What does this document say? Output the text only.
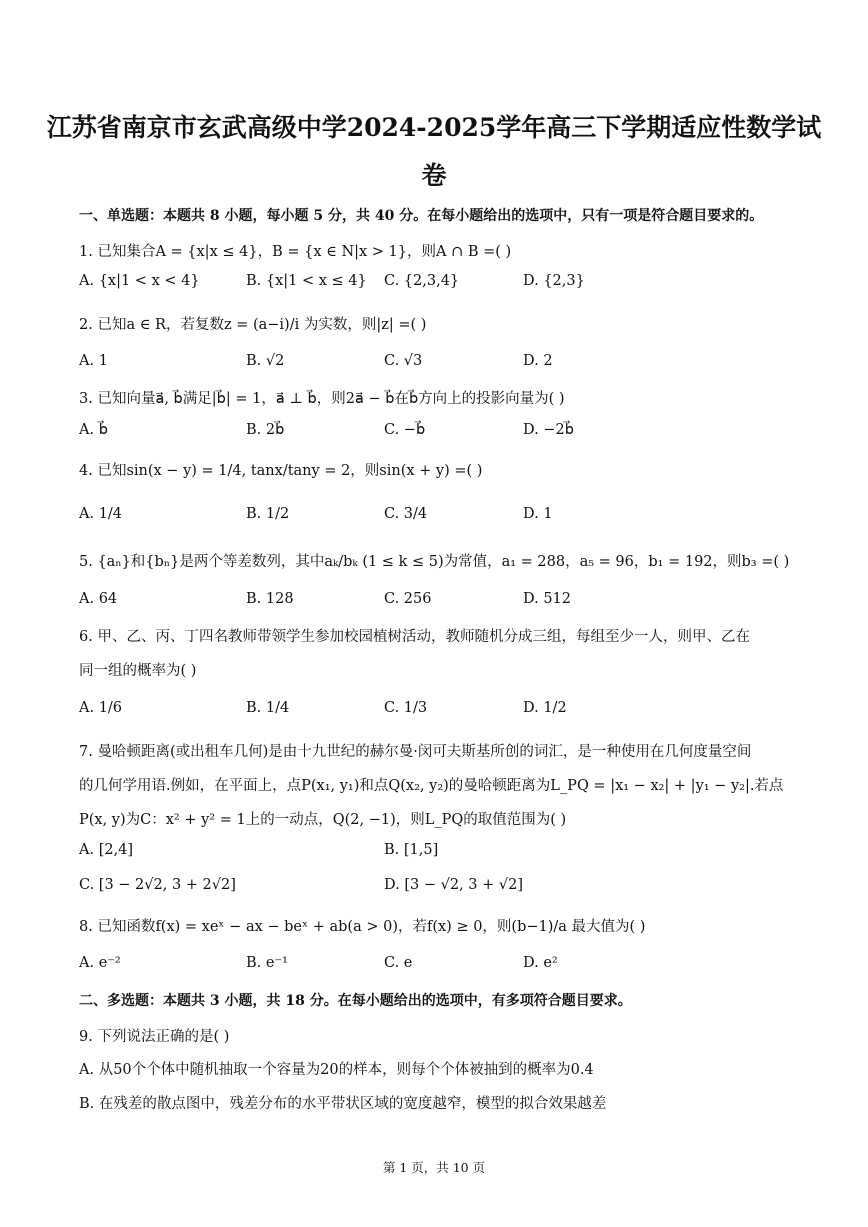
江苏省南京市玄武高级中学2024-2025学年高三下学期适应性数学试
卷
一、单选题：本题共 8 小题，每小题 5 分，共 40 分。在每小题给出的选项中，只有一项是符合题目要求的。
1. 已知集合A = {x|x ≤ 4}，B = {x ∈ N|x > 1}，则A ∩ B =( )
A. {x|1 < x < 4}	B. {x|1 < x ≤ 4} C. {2,3,4}	D. {2,3}
2. 已知a ∈ R，若复数z = (a−i)/i 为实数，则|z| =( )
A. 1	B. √2	C. √3	D. 2
3. 已知向量a⃗, b⃗满足|b⃗| = 1，a⃗ ⊥ b⃗，则2a⃗ − b⃗在b⃗方向上的投影向量为( )
A. b⃗	B. 2b⃗	C. −b⃗	D. −2b⃗
4. 已知sin(x − y) = 1/4, tanx/tany = 2，则sin(x + y) =( )
A. 1/4	B. 1/2	C. 3/4	D. 1
5. {aₙ}和{bₙ}是两个等差数列，其中aₖ/bₖ (1 ≤ k ≤ 5)为常值，a₁ = 288，a₅ = 96，b₁ = 192，则b₃ =( )
A. 64	B. 128	C. 256	D. 512
6. 甲、乙、丙、丁四名教师带领学生参加校园植树活动，教师随机分成三组，每组至少一人，则甲、乙在
同一组的概率为( )
A. 1/6	B. 1/4	C. 1/3	D. 1/2
7. 曼哈顿距离(或出租车几何)是由十九世纪的赫尔曼·闵可夫斯基所创的词汇，是一种使用在几何度量空间
的几何学用语.例如，在平面上，点P(x₁, y₁)和点Q(x₂, y₂)的曼哈顿距离为L_PQ = |x₁ − x₂| + |y₁ − y₂|.若点
P(x, y)为C：x² + y² = 1上的一动点，Q(2, −1)，则L_PQ的取值范围为( )
A. [2,4]	B. [1,5]
C. [3 − 2√2, 3 + 2√2]	D. [3 − √2, 3 + √2]
8. 已知函数f(x) = xeˣ − ax − beˣ + ab(a > 0)，若f(x) ≥ 0，则(b−1)/a 最大值为( )
A. e⁻²	B. e⁻¹	C. e	D. e²
二、多选题：本题共 3 小题，共 18 分。在每小题给出的选项中，有多项符合题目要求。
9. 下列说法正确的是( )
A. 从50个个体中随机抽取一个容量为20的样本，则每个个体被抽到的概率为0.4
B. 在残差的散点图中，残差分布的水平带状区域的宽度越窄，模型的拟合效果越差
第 1 页，共 10 页
